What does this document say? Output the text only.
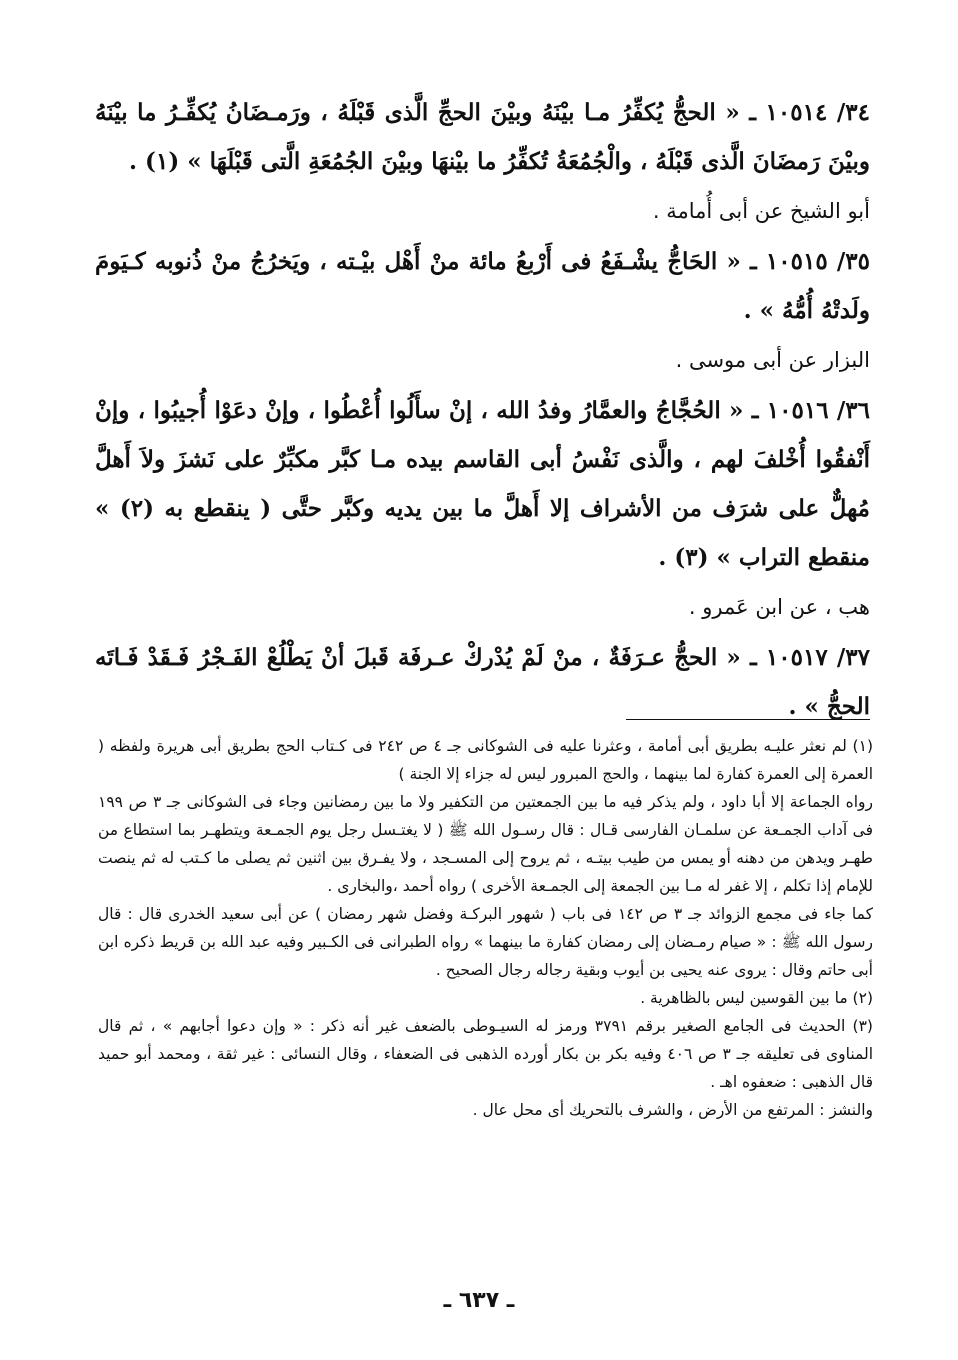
٣٤/ ١٠٥١٤ ـ « الحجُّ يُكفِّرُ مـا بيْنَهُ وبيْنَ الحجِّ الَّذى قَبْلَهُ ، ورَمـضَانُ يُكفِّـرُ ما بيْنَهُ وبيْنَ رَمضَانَ الَّذى قَبْلَهُ ، والْجُمُعَةُ تُكفِّرُ ما بيْنهَا وبيْنَ الجُمُعَةِ الَّتى قَبْلَهَا » (١) .

أبو الشيخ عن أبى أُمامة .

٣٥/ ١٠٥١٥ ـ « الحَاجُّ يشْـفَعُ فى أَرْبعُ مائة منْ أَهْل بيْـته ، ويَخرُجُ منْ ذُنوبه كـيَومَ ولَدتْهُ أُمُّهُ » .

البزار عن أبى موسى .

٣٦/ ١٠٥١٦ ـ « الحُجَّاجُ والعمَّارُ وفدُ الله ، إنْ سأَلُوا أُعْطُوا ، وإنْ دعَوْا أُجيبُوا ، وإنْ أَنْفقُوا أُخْلفَ لهم ، والَّذى نَفْسُ أبى القاسم بيده مـا كبَّر مكبِّرٌ على نَشزَ ولاَ أَهلَّ مُهلٌّ على شرَف من الأشراف إلا أَهلَّ ما بين يديه وكبَّر حتَّى ( ينقطع به (٢) » منقطع التراب » (٣) .

هب ، عن ابن عَمرو .

٣٧/ ١٠٥١٧ ـ « الحجُّ عـرَفَةٌ ، منْ لَمْ يُدْركْ عـرفَة قَبلَ أنْ يَطْلُعْ الفَـجْرُ فَـقَدْ فَـاتَه الحجُّ » .

(١) لم نعثر عليـه بطريق أبى أمامة ، وعثرنا عليه فى الشوكانى جـ ٤ ص ٢٤٢ فى كـتاب الحج بطريق أبى هريرة ولفظه ( العمرة إلى العمرة كفارة لما بينهما ، والحج المبرور ليس له جزاء إلا الجنة )

رواه الجماعة إلا أبا داود ، ولم يذكر فيه ما بين الجمعتين من التكفير ولا ما بين رمضانين وجاء فى الشوكانى جـ ٣ ص ١٩٩ فى آداب الجمـعة عن سلمـان الفارسى قـال : قال رسـول الله ﷺ ( لا يغتـسل رجل يوم الجمـعة ويتطهـر بما استطاع من طهـر ويدهن من دهنه أو يمس من طيب بيتـه ، ثم يروح إلى المسـجد ، ولا يفـرق بين اثنين ثم يصلى ما كـتب له ثم ينصت للإمام إذا تكلم ، إلا غفر له مـا بين الجمعة إلى الجمـعة الأخرى ) رواه أحمد ،والبخارى .

كما جاء فى مجمع الزوائد جـ ٣ ص ١٤٢ فى باب ( شهور البركـة وفضل شهر رمضان ) عن أبى سعيد الخدرى قال : قال رسول الله ﷺ : « صيام رمـضان إلى رمضان كفارة ما بينهما » رواه الطبرانى فى الكـبير وفيه عبد الله بن قريط ذكره ابن أبى حاتم وقال : يروى عنه يحيى بن أيوب وبقية رجاله رجال الصحيح .

(٢) ما بين القوسين ليس بالظاهرية .

(٣) الحديث فى الجامع الصغير برقم ٣٧٩١ ورمز له السيـوطى بالضعف غير أنه ذكر : « وإن دعوا أجابهم » ، ثم قال المناوى فى تعليقه جـ ٣ ص ٤٠٦ وفيه بكر بن بكار أورده الذهبى فى الضعفاء ، وقال النسائى : غير ثقة ، ومحمد أبو حميد قال الذهبى : ضعفوه اهـ .

والنشز : المرتفع من الأرض ، والشرف بالتحريك أى محل عال .

ـ ٦٣٧ ـ
